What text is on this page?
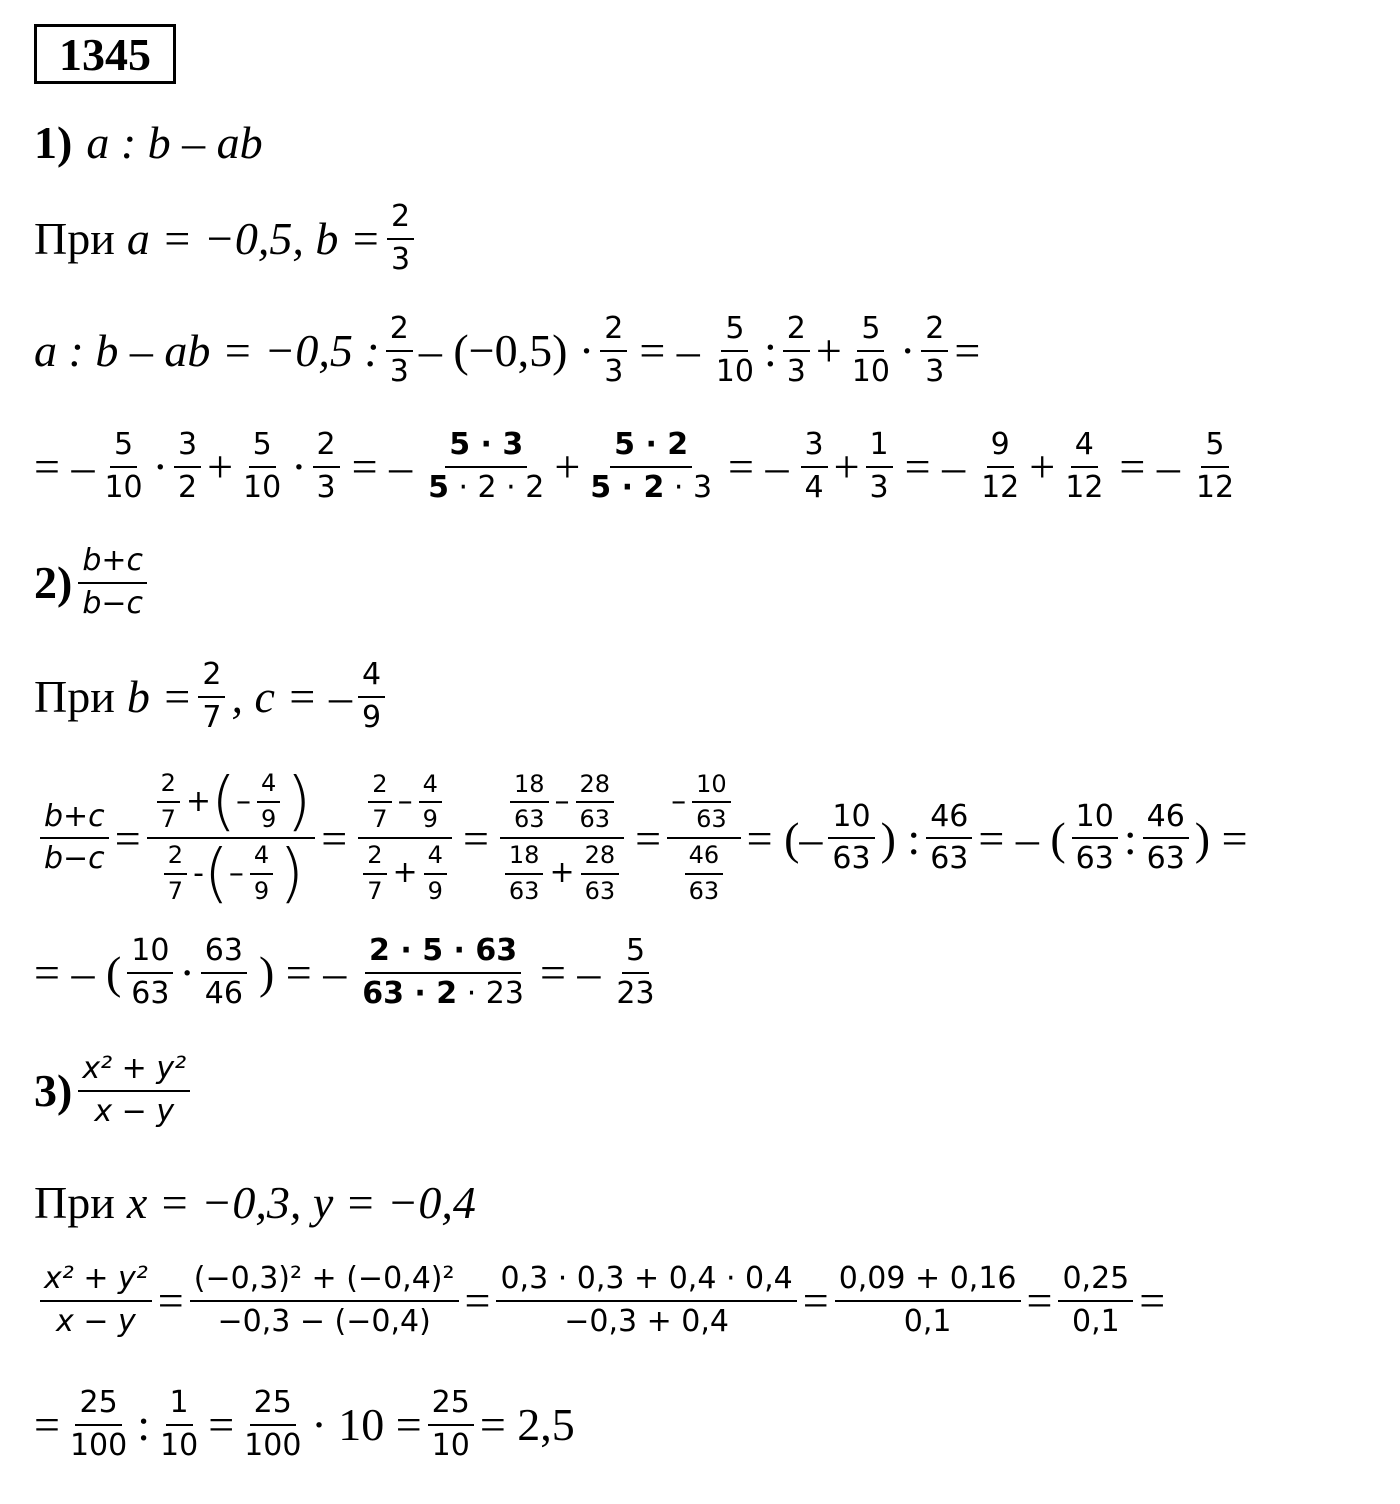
1345
1) a : b – ab
При a = −0,5, $b = \frac{2}{3}$
a : b – ab = −0,5 : $\frac{2}{3} - (-0,5) \cdot \frac{2}{3}$ = – $\frac{5}{10}$ : $\frac{2}{3} + \frac{5}{10} \cdot \frac{2}{3}$ =
= – $\frac{5}{10} \cdot \frac{3}{2} + \frac{5}{10} \cdot \frac{2}{3}$ = – $\frac{5 \cdot 3}{5 \cdot 2 \cdot 2} + \frac{5 \cdot 2}{5 \cdot 2 \cdot 3}$ = – $\frac{3}{4} + \frac{1}{3}$ = – $\frac{9}{12} + \frac{4}{12}$ = – $\frac{5}{12}$
$2) \frac{b+c}{b-c}$
При $b = \frac{2}{7}$ , c = – $\frac{4}{9}$
$\frac{b+c}{b-c} = \frac{\frac{2}{7} + ( - \frac{4}{9} )}{\frac{2}{7} - ( - \frac{4}{9} )} = \frac{\frac{2}{7} - \frac{4}{9}}{\frac{2}{7} + \frac{4}{9}} = \frac{\frac{18}{63} - \frac{28}{63}}{\frac{18}{63} + \frac{28}{63}} = \frac{- \frac{10}{63}}{\frac{46}{63}}$ = (– $\frac{10}{63}$ ) : $\frac{46}{63}$ = – ( $\frac{10}{63}$ : $\frac{46}{63}$ ) =
= – ( $\frac{10}{63} \cdot \frac{63}{46}$ ) = – $\frac{2 \cdot 5 \cdot 63}{63 \cdot 2 \cdot 23}$ = – $\frac{5}{23}$
$3) \frac{\text{x² + y²}}{x - y}$
При x = −0,3, y = −0,4
$\frac{\text{x² + y²}}{x - y} = \frac{\text{(−0,3)² + (−0,4)²}}{-0,3 - (-0,4)} = \frac{0,3 \cdot 0,3 + 0,4 \cdot 0,4}{-0,3 + 0,4} = \frac{0,09 + 0,16}{0,1} = \frac{0,25}{0,1}$ =
= $\frac{25}{100}$ : $\frac{1}{10} = \frac{25}{100} \cdot 10 = \frac{25}{10} = 2,5$
